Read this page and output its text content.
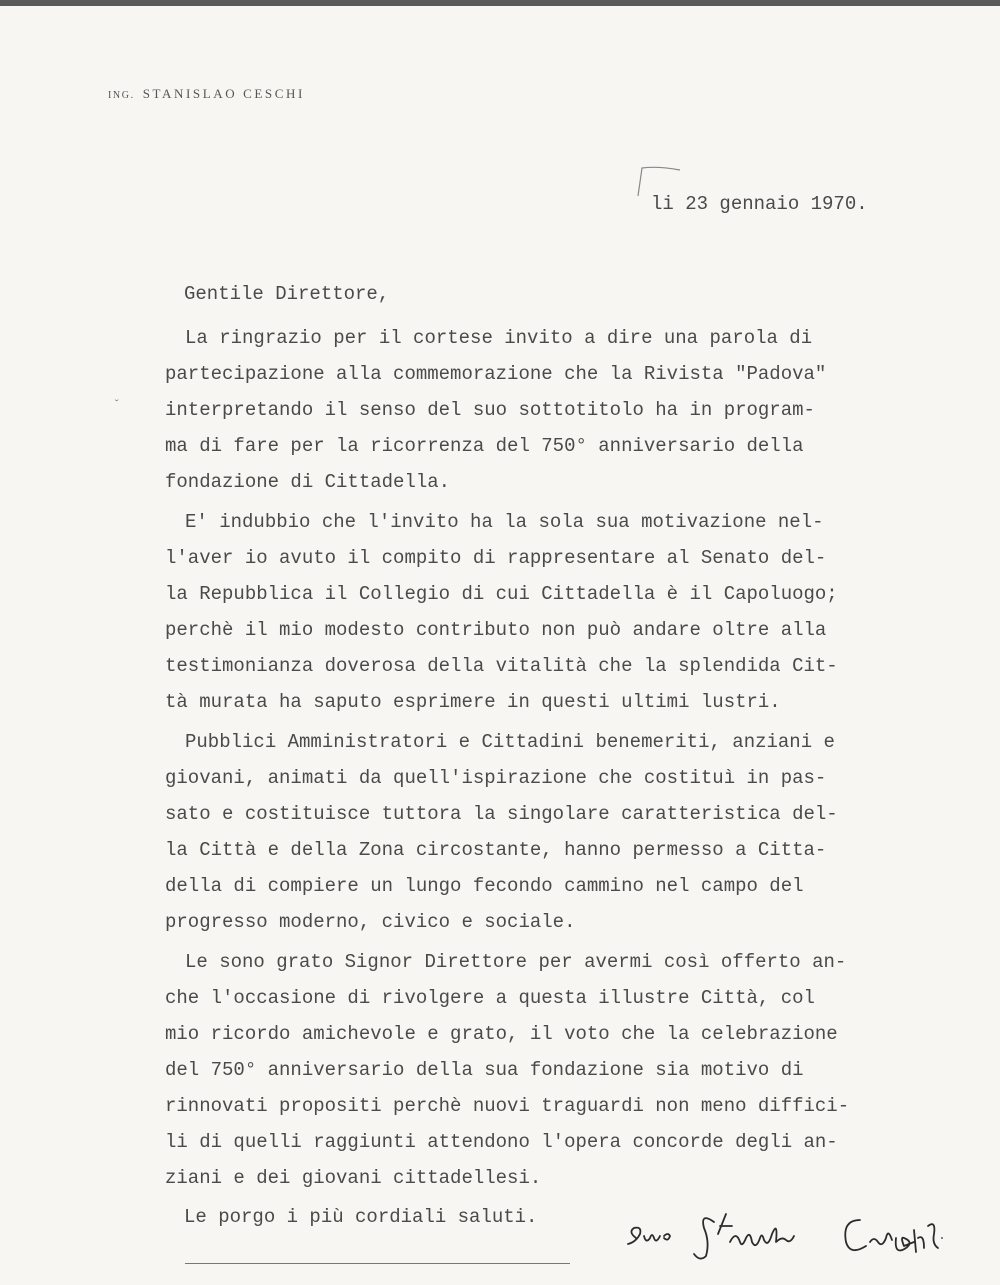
ING. STANISLAO CESCHI
li 23 gennaio 1970.
Gentile Direttore,
ˇ
La ringrazio per il cortese invito a dire una parola di
partecipazione alla commemorazione che la Rivista "Padova"
interpretando il senso del suo sottotitolo ha in program-
ma di fare per la ricorrenza del 750° anniversario della
fondazione di Cittadella.
E' indubbio che l'invito ha la sola sua motivazione nel-
l'aver io avuto il compito di rappresentare al Senato del-
la Repubblica il Collegio di cui Cittadella è il Capoluogo;
perchè il mio modesto contributo non può andare oltre alla
testimonianza doverosa della vitalità che la splendida Cit-
tà murata ha saputo esprimere in questi ultimi lustri.
Pubblici Amministratori e Cittadini benemeriti, anziani e
giovani, animati da quell'ispirazione che costituì in pas-
sato e costituisce tuttora la singolare caratteristica del-
la Città e della Zona circostante, hanno permesso a Citta-
della di compiere un lungo fecondo cammino nel campo del
progresso moderno, civico e sociale.
Le sono grato Signor Direttore per avermi così offerto an-
che l'occasione di rivolgere a questa illustre Città, col
mio ricordo amichevole e grato, il voto che la celebrazione
del 750° anniversario della sua fondazione sia motivo di
rinnovati propositi perchè nuovi traguardi non meno diffici-
li di quelli raggiunti attendono l'opera concorde degli an-
ziani e dei giovani cittadellesi.
Le porgo i più cordiali saluti.
